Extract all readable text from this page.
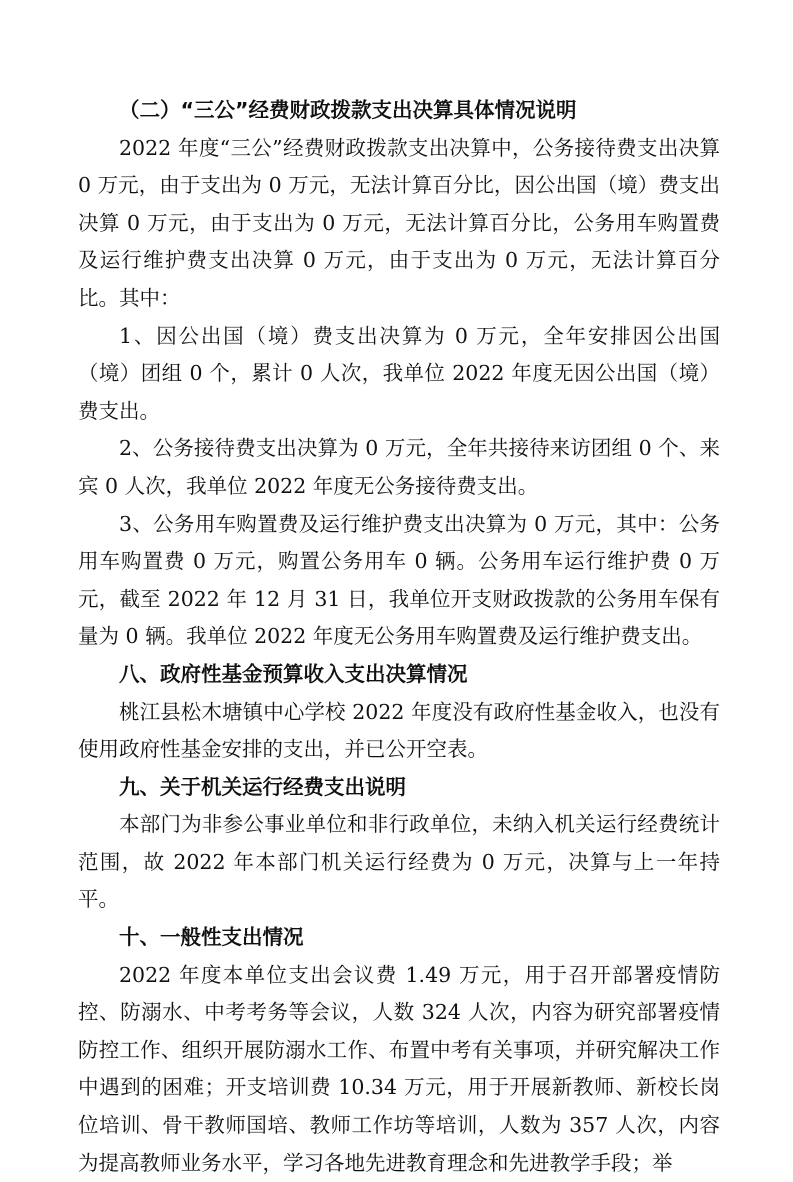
（二）“三公”经费财政拨款支出决算具体情况说明

2022 年度“三公”经费财政拨款支出决算中，公务接待费支出决算 0 万元，由于支出为 0 万元，无法计算百分比，因公出国（境）费支出决算 0 万元，由于支出为 0 万元，无法计算百分比，公务用车购置费及运行维护费支出决算 0 万元，由于支出为 0 万元，无法计算百分比。其中：

1、因公出国（境）费支出决算为 0 万元，全年安排因公出国（境）团组 0 个，累计 0 人次，我单位 2022 年度无因公出国（境）费支出。

2、公务接待费支出决算为 0 万元，全年共接待来访团组 0 个、来宾 0 人次，我单位 2022 年度无公务接待费支出。

3、公务用车购置费及运行维护费支出决算为 0 万元，其中：公务用车购置费 0 万元，购置公务用车 0 辆。公务用车运行维护费 0 万元，截至 2022 年 12 月 31 日，我单位开支财政拨款的公务用车保有量为 0 辆。我单位 2022 年度无公务用车购置费及运行维护费支出。

八、政府性基金预算收入支出决算情况

桃江县松木塘镇中心学校 2022 年度没有政府性基金收入，也没有使用政府性基金安排的支出，并已公开空表。

九、关于机关运行经费支出说明

本部门为非参公事业单位和非行政单位，未纳入机关运行经费统计范围，故 2022 年本部门机关运行经费为 0 万元，决算与上一年持平。

十、一般性支出情况

2022 年度本单位支出会议费 1.49 万元，用于召开部署疫情防控、防溺水、中考考务等会议，人数 324 人次，内容为研究部署疫情防控工作、组织开展防溺水工作、布置中考有关事项，并研究解决工作中遇到的困难；开支培训费 10.34 万元，用于开展新教师、新校长岗位培训、骨干教师国培、教师工作坊等培训，人数为 357 人次，内容为提高教师业务水平，学习各地先进教育理念和先进教学手段；举
